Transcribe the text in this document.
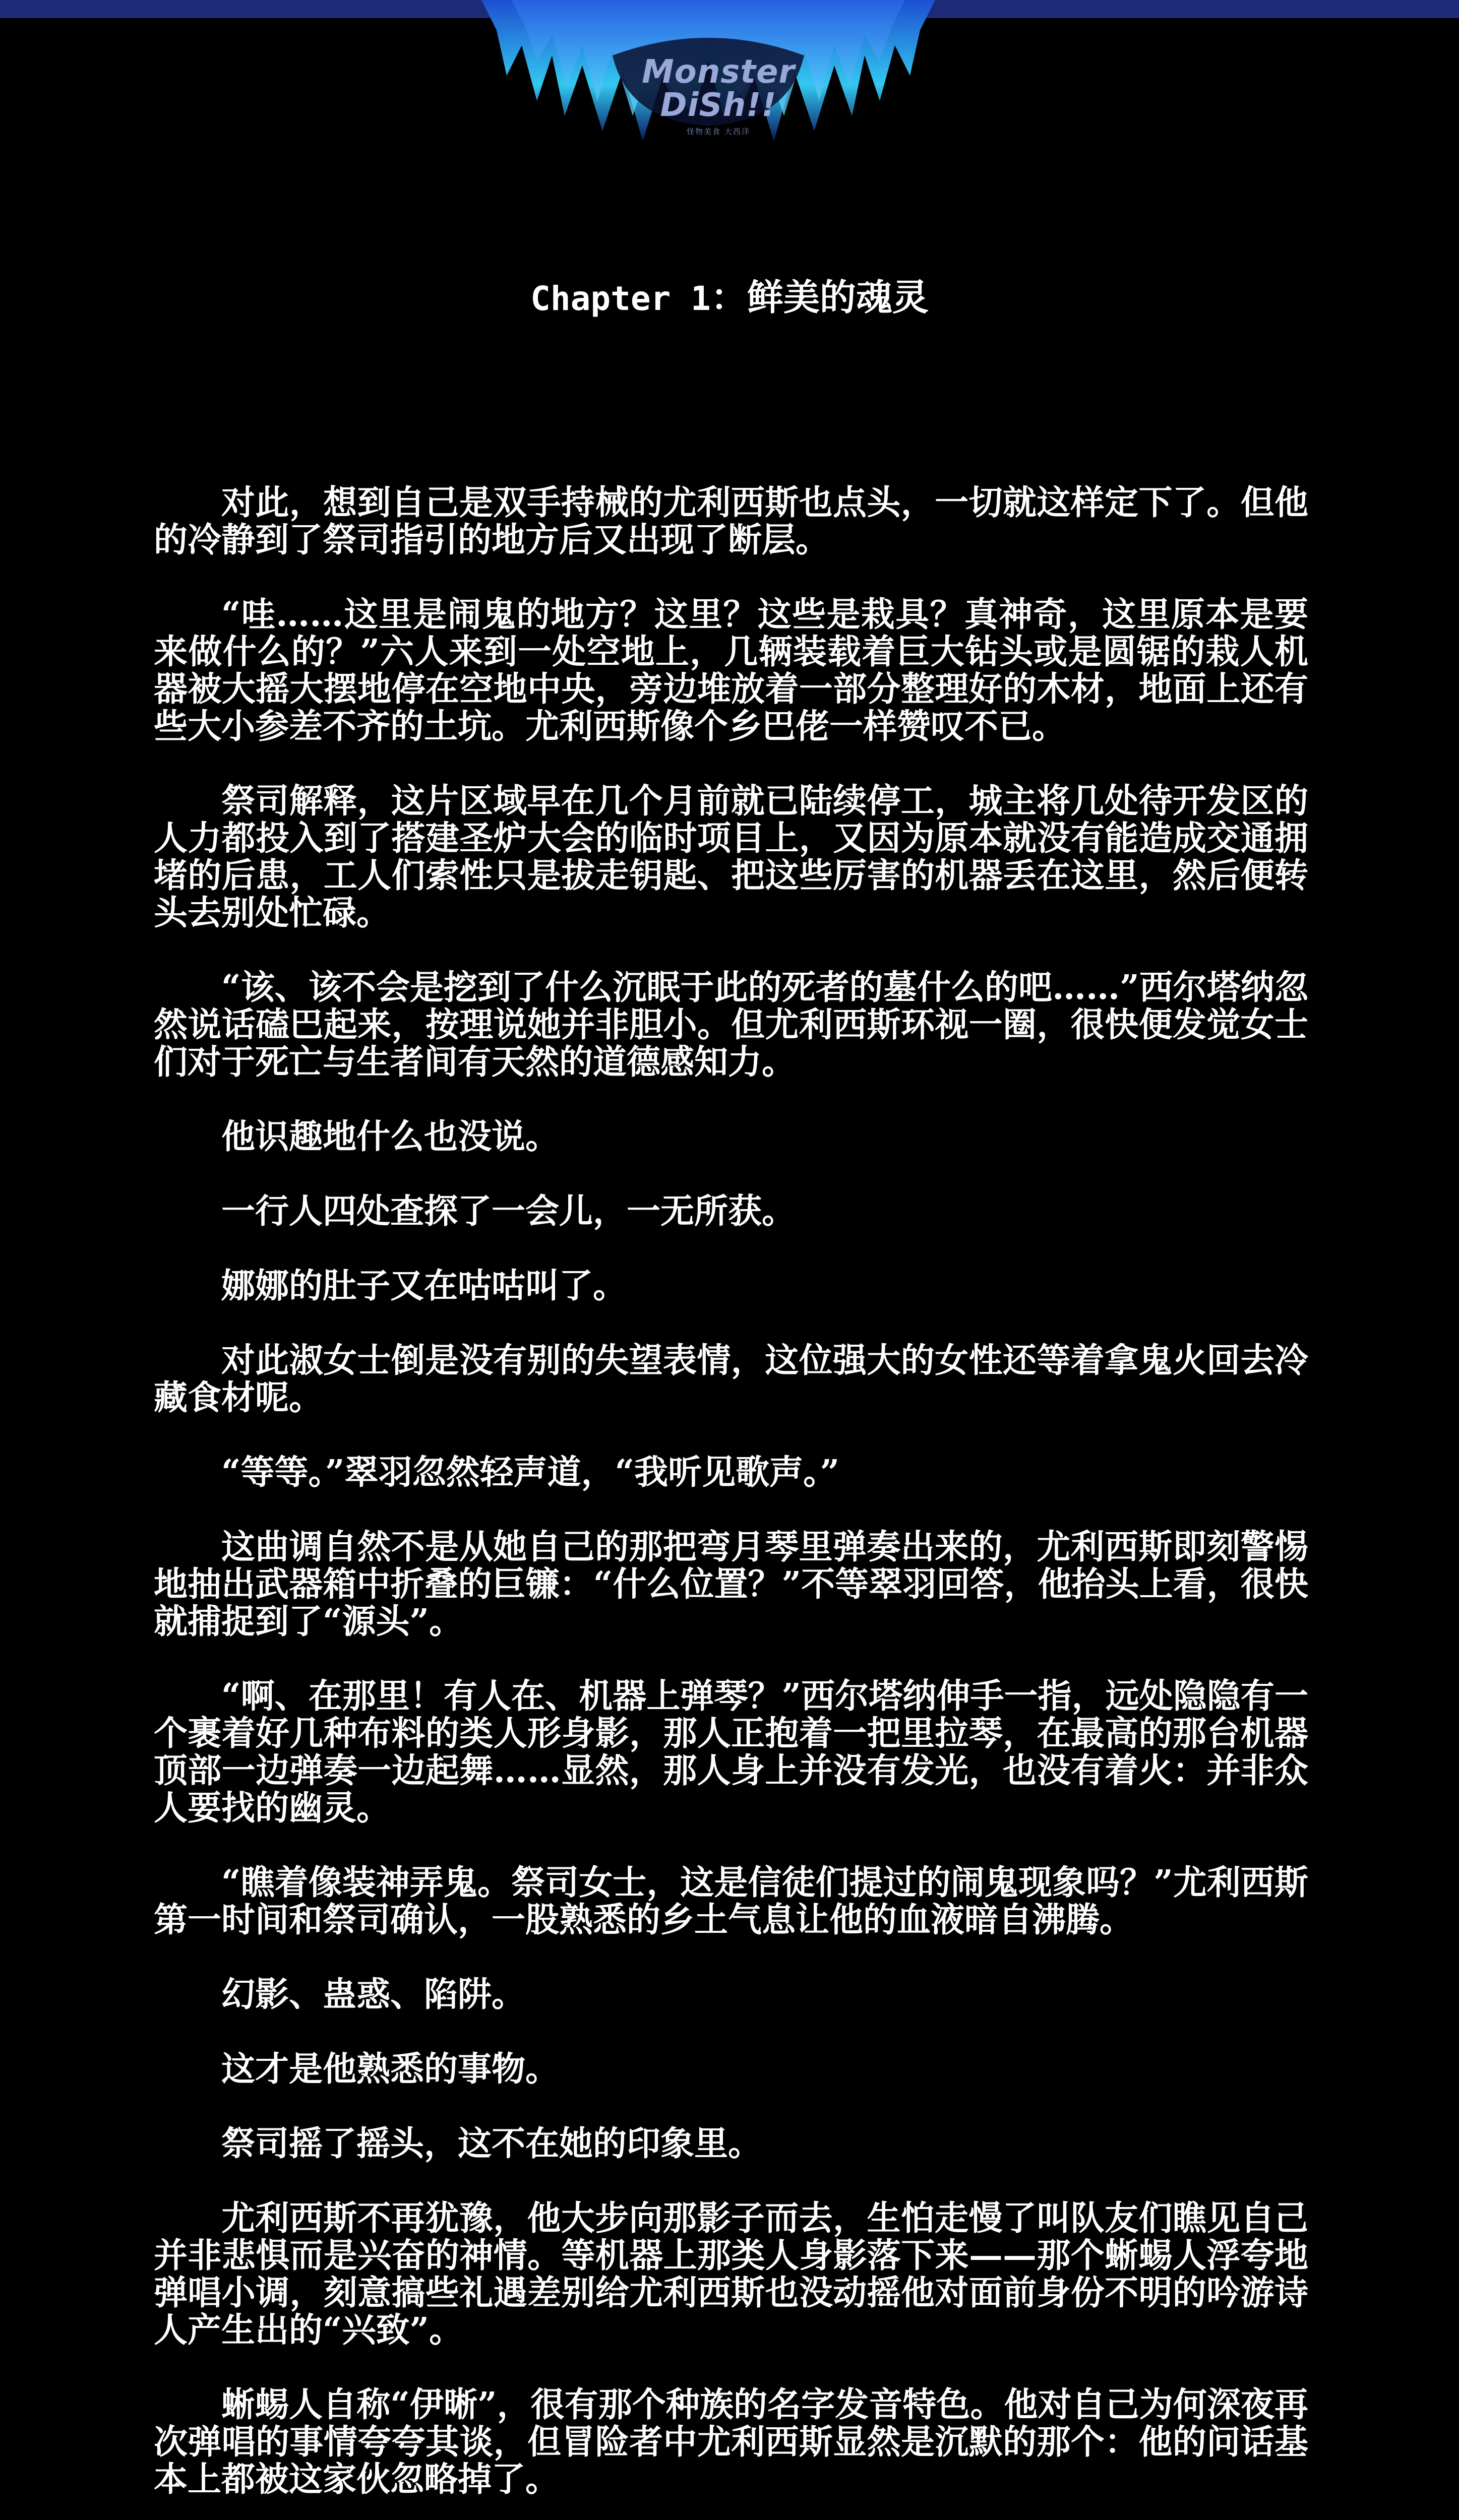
Monster
DiSh!!
怪物美食 大西洋
Chapter 1：鲜美的魂灵

对此，想到自己是双手持械的尤利西斯也点头，一切就这样定下了。但他的冷静到了祭司指引的地方后又出现了断层。

“哇……这里是闹鬼的地方？这里？这些是栽具？真神奇，这里原本是要来做什么的？”六人来到一处空地上，几辆装载着巨大钻头或是圆锯的栽人机器被大摇大摆地停在空地中央，旁边堆放着一部分整理好的木材，地面上还有些大小参差不齐的土坑。尤利西斯像个乡巴佬一样赞叹不已。

祭司解释，这片区域早在几个月前就已陆续停工，城主将几处待开发区的人力都投入到了搭建圣炉大会的临时项目上，又因为原本就没有能造成交通拥堵的后患，工人们索性只是拔走钥匙、把这些厉害的机器丢在这里，然后便转头去别处忙碌。

“该、该不会是挖到了什么沉眠于此的死者的墓什么的吧……”西尔塔纳忽然说话磕巴起来，按理说她并非胆小。但尤利西斯环视一圈，很快便发觉女士们对于死亡与生者间有天然的道德感知力。

他识趣地什么也没说。

一行人四处查探了一会儿，一无所获。

娜娜的肚子又在咕咕叫了。

对此淑女士倒是没有别的失望表情，这位强大的女性还等着拿鬼火回去冷藏食材呢。

“等等。”翠羽忽然轻声道，“我听见歌声。”

这曲调自然不是从她自己的那把弯月琴里弹奏出来的，尤利西斯即刻警惕地抽出武器箱中折叠的巨镰：“什么位置？”不等翠羽回答，他抬头上看，很快就捕捉到了“源头”。

“啊、在那里！有人在、机器上弹琴？”西尔塔纳伸手一指，远处隐隐有一个裹着好几种布料的类人形身影，那人正抱着一把里拉琴，在最高的那台机器顶部一边弹奏一边起舞……显然，那人身上并没有发光，也没有着火：并非众人要找的幽灵。

“瞧着像装神弄鬼。祭司女士，这是信徒们提过的闹鬼现象吗？”尤利西斯第一时间和祭司确认，一股熟悉的乡土气息让他的血液暗自沸腾。

幻影、蛊惑、陷阱。

这才是他熟悉的事物。

祭司摇了摇头，这不在她的印象里。

尤利西斯不再犹豫，他大步向那影子而去，生怕走慢了叫队友们瞧见自己并非悲惧而是兴奋的神情。等机器上那类人身影落下来——那个蜥蜴人浮夸地弹唱小调，刻意搞些礼遇差别给尤利西斯也没动摇他对面前身份不明的吟游诗人产生出的“兴致”。

蜥蜴人自称“伊晰”，很有那个种族的名字发音特色。他对自己为何深夜再次弹唱的事情夸夸其谈，但冒险者中尤利西斯显然是沉默的那个：他的问话基本上都被这家伙忽略掉了。
